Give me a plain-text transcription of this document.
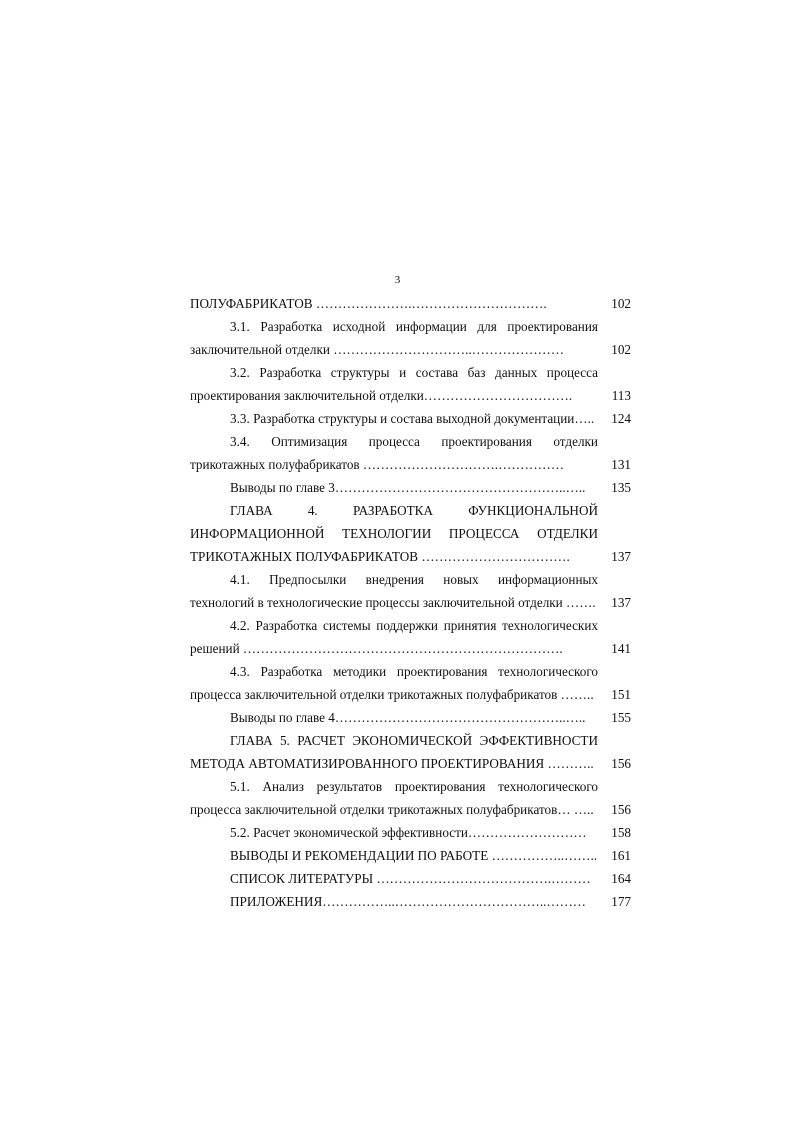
3
ПОЛУФАБРИКАТОВ ………………….………………………….	102
3.1. Разработка исходной информации для проектирования
заключительной отделки …………………………..…………………	102
3.2. Разработка структуры и состава баз данных процесса
проектирования заключительной отделки…………………………….	113
3.3. Разработка структуры и состава выходной документации…..	124
3.4. Оптимизация процесса проектирования отделки
трикотажных полуфабрикатов ………………………….……………	131
Выводы по главе 3……………………………………………..…..	135
ГЛАВА 4. РАЗРАБОТКА ФУНКЦИОНАЛЬНОЙ
ИНФОРМАЦИОННОЙ ТЕХНОЛОГИИ ПРОЦЕССА ОТДЕЛКИ
ТРИКОТАЖНЫХ ПОЛУФАБРИКАТОВ …………………………….	137
4.1. Предпосылки внедрения новых информационных
технологий в технологические процессы заключительной отделки …….	137
4.2. Разработка системы поддержки принятия технологических
решений ……………………………………………………………….	141
4.3. Разработка методики проектирования технологического
процесса заключительной отделки трикотажных полуфабрикатов ……..	151
Выводы по главе 4……………………………………………..…..	155
ГЛАВА 5. РАСЧЕТ ЭКОНОМИЧЕСКОЙ ЭФФЕКТИВНОСТИ
МЕТОДА АВТОМАТИЗИРОВАННОГО ПРОЕКТИРОВАНИЯ ………..	156
5.1. Анализ результатов проектирования технологического
процесса заключительной отделки трикотажных полуфабрикатов… …..	156
5.2. Расчет экономической эффективности………………………	158
ВЫВОДЫ И РЕКОМЕНДАЦИИ ПО РАБОТЕ ……………..……..	161
СПИСОК ЛИТЕРАТУРЫ ………………………………….………	164
ПРИЛОЖЕНИЯ……………..……………………………..………	177
